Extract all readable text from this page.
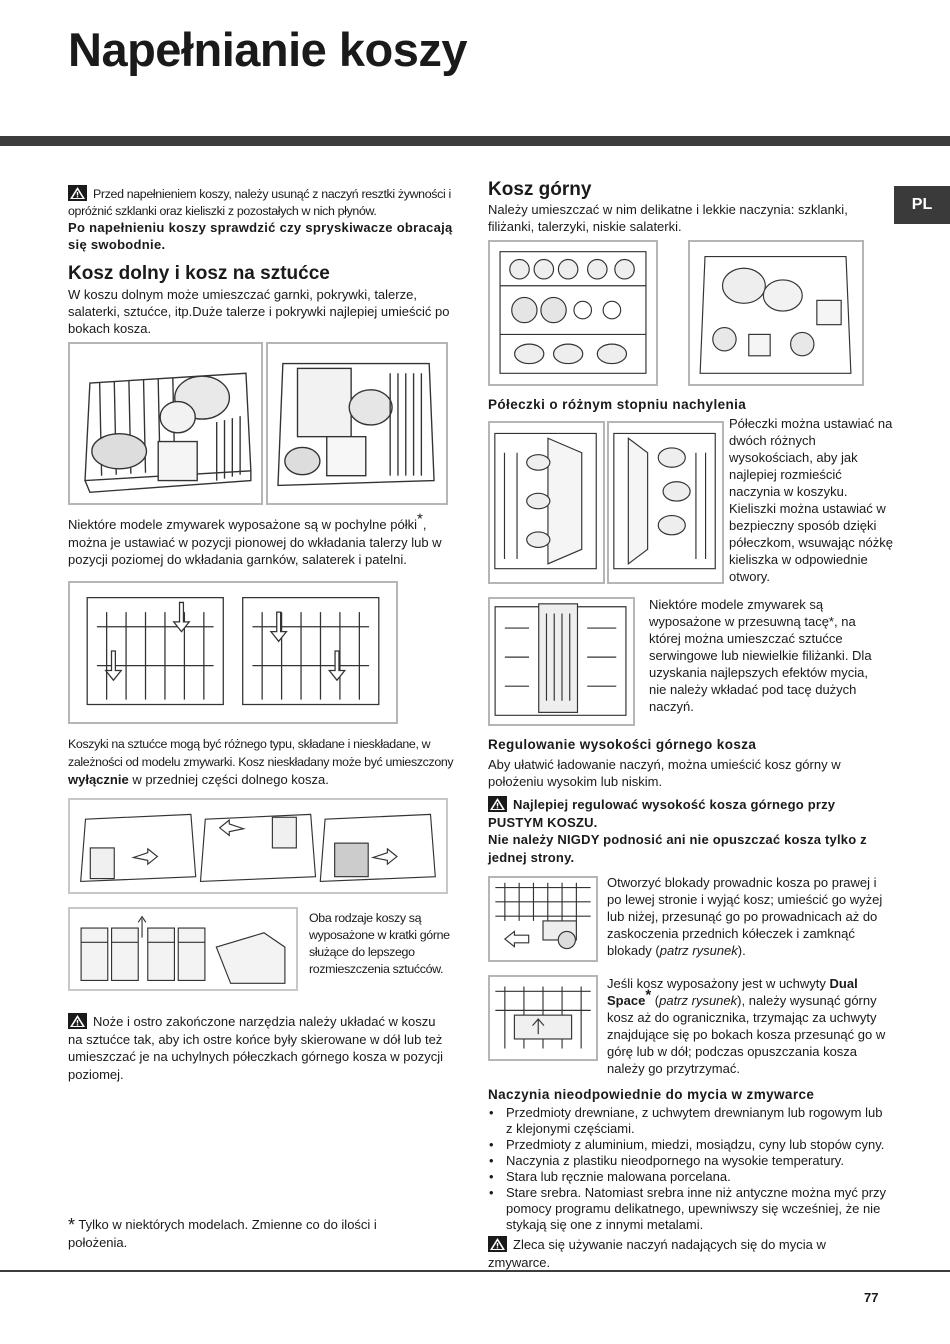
Napełnianie koszy
PL
Przed napełnieniem koszy, należy usunąć z naczyń resztki żywności i opróżnić szklanki oraz kieliszki z pozostałych w nich płynów.
Po napełnieniu koszy sprawdzić czy spryskiwacze obracają się swobodnie.
Kosz dolny i kosz na sztućce
W koszu dolnym może umieszczać garnki, pokrywki, talerze, salaterki, sztućce, itp.Duże talerze i pokrywki najlepiej umieścić po bokach kosza.
Niektóre modele zmywarek wyposażone są w pochylne półki*, można je ustawiać w pozycji pionowej do wkładania talerzy lub w pozycji poziomej do wkładania garnków, salaterek i patelni.
Koszyki na sztućce mogą być różnego typu, składane i nieskładane, w zależności od modelu zmywarki. Kosz nieskładany może być umieszczony wyłącznie w przedniej części dolnego kosza.
Oba rodzaje koszy są wyposażone w kratki górne służące do lepszego rozmieszczenia sztućców.
Noże i ostro zakończone narzędzia należy układać w koszu na sztućce tak, aby ich ostre końce były skierowane w dół lub też umieszczać je na uchylnych półeczkach górnego kosza w pozycji poziomej.
* Tylko w niektórych modelach. Zmienne co do ilości i położenia.
Kosz górny
Należy umieszczać w nim delikatne i lekkie naczynia: szklanki, filiżanki, talerzyki, niskie salaterki.
Półeczki o różnym stopniu nachylenia
Półeczki można ustawiać na dwóch różnych wysokościach, aby jak najlepiej rozmieścić naczynia w koszyku. Kieliszki można ustawiać w bezpieczny sposób dzięki półeczkom, wsuwając nóżkę kieliszka w odpowiednie otwory.
Niektóre modele zmywarek są wyposażone w przesuwną tacę*, na której można umieszczać sztućce serwingowe lub niewielkie filiżanki. Dla uzyskania najlepszych efektów mycia, nie należy wkładać pod tacę dużych naczyń.
Regulowanie wysokości górnego kosza
Aby ułatwić ładowanie naczyń, można umieścić kosz górny w położeniu wysokim lub niskim.
Najlepiej regulować wysokość kosza górnego przy PUSTYM KOSZU.
Nie należy NIGDY podnosić ani nie opuszczać kosza tylko z jednej strony.
Otworzyć blokady prowadnic kosza po prawej i po lewej stronie i wyjąć kosz; umieścić go wyżej lub niżej, przesunąć go po prowadnicach aż do zaskoczenia przednich kółeczek i zamknąć blokady (patrz rysunek).
Jeśli kosz wyposażony jest w uchwyty Dual Space* (patrz rysunek), należy wysunąć górny kosz aż do ogranicznika, trzymając za uchwyty znajdujące się po bokach kosza przesunąć go w górę lub w dół; podczas opuszczania kosza należy go przytrzymać.
Naczynia nieodpowiednie do mycia w zmywarce
• Przedmioty drewniane, z uchwytem drewnianym lub rogowym lub z klejonymi częściami.
• Przedmioty z aluminium, miedzi, mosiądzu, cyny lub stopów cyny.
• Naczynia z plastiku nieodpornego na wysokie temperatury.
• Stara lub ręcznie malowana porcelana.
• Stare srebra. Natomiast srebra inne niż antyczne można myć przy pomocy programu delikatnego, upewniwszy się wcześniej, że nie stykają się one z innymi metalami.
Zleca się używanie naczyń nadających się do mycia w zmywarce.
77
